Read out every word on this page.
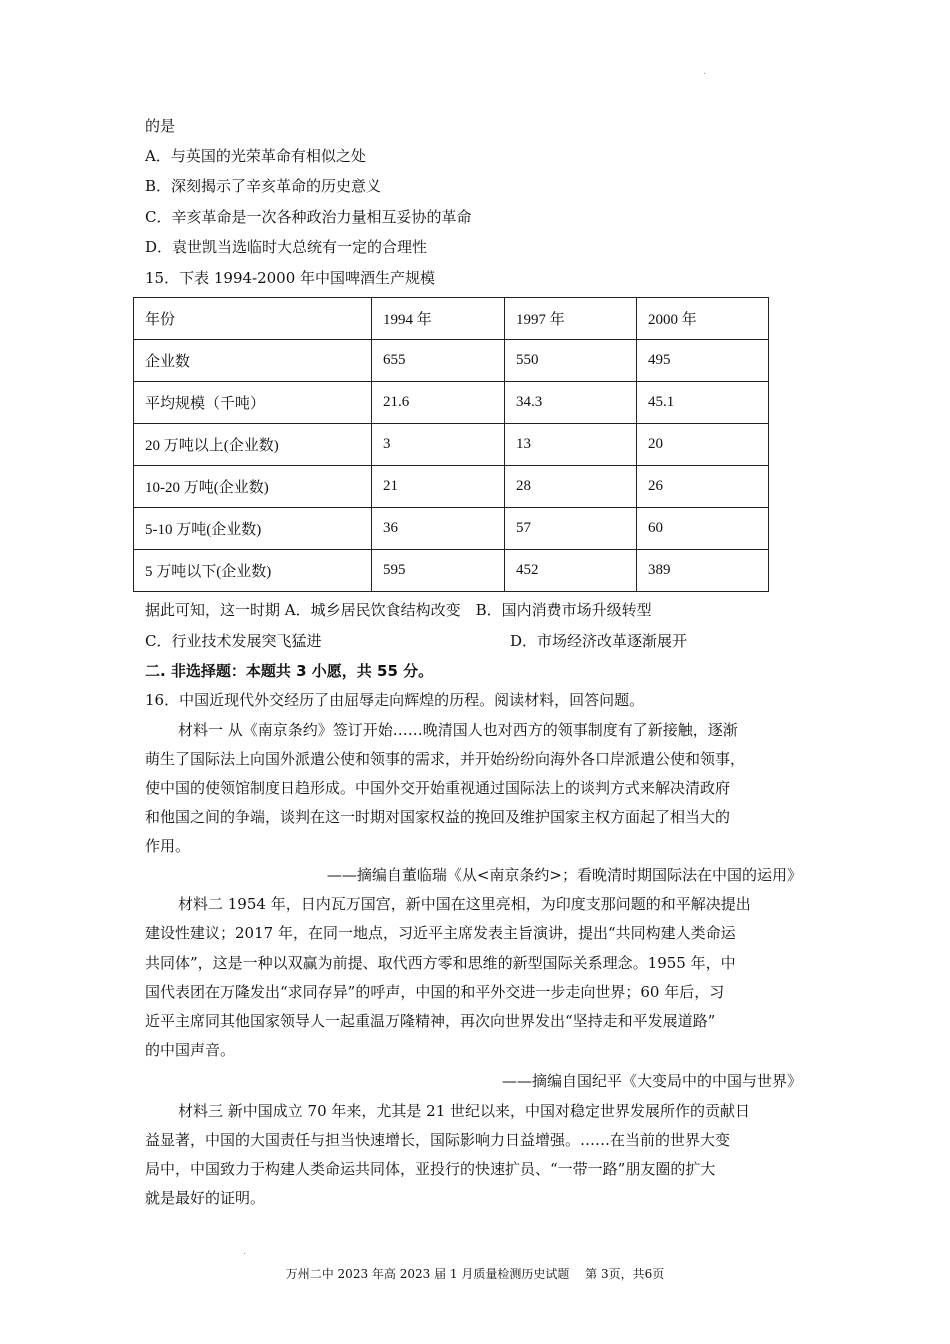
.
的是
A．与英国的光荣革命有相似之处
B．深刻揭示了辛亥革命的历史意义
C．辛亥革命是一次各种政治力量相互妥协的革命
D．袁世凯当选临时大总统有一定的合理性
15．下表 1994-2000 年中国啤酒生产规模
年份	1994 年	1997 年	2000 年
企业数	655	550	495
平均规模（千吨）	21.6	34.3	45.1
20 万吨以上(企业数)	3	13	20
10-20 万吨(企业数)	21	28	26
5-10 万吨(企业数)	36	57	60
5 万吨以下(企业数)	595	452	389
据此可知，这一时期 A．城乡居民饮食结构改变　B．国内消费市场升级转型
C．行业技术发展突飞猛进	D．市场经济改革逐渐展开
二. 非选择题：本题共 3 小愿，共 55 分。
16．中国近现代外交经历了由屈辱走向辉煌的历程。阅读材料，回答问题。
材料一 从《南京条约》签订开始……晚清国人也对西方的领事制度有了新接触，逐渐
萌生了国际法上向国外派遣公使和领事的需求，并开始纷纷向海外各口岸派遣公使和领事，
使中国的使领馆制度日趋形成。中国外交开始重视通过国际法上的谈判方式来解决清政府
和他国之间的争端，谈判在这一时期对国家权益的挽回及维护国家主权方面起了相当大的
作用。
——摘编自董临瑞《从<南京条约>；看晚清时期国际法在中国的运用》
材料二 1954 年，日内瓦万国宫，新中国在这里亮相，为印度支那问题的和平解决提出
建设性建议；2017 年，在同一地点，习近平主席发表主旨演讲，提出“共同构建人类命运
共同体”，这是一种以双赢为前提、取代西方零和思维的新型国际关系理念。1955 年，中
国代表团在万隆发出“求同存异”的呼声，中国的和平外交进一步走向世界；60 年后，习
近平主席同其他国家领导人一起重温万隆精神，再次向世界发出“坚持走和平发展道路”
的中国声音。
——摘编自国纪平《大变局中的中国与世界》
材料三 新中国成立 70 年来，尤其是 21 世纪以来，中国对稳定世界发展所作的贡献日
益显著，中国的大国责任与担当快速增长，国际影响力日益增强。……在当前的世界大变
局中，中国致力于构建人类命运共同体，亚投行的快速扩员、“一带一路”朋友圈的扩大
就是最好的证明。
.
万州二中 2023 年高 2023 届 1 月质量检测历史试题　 第 3页，共6页
